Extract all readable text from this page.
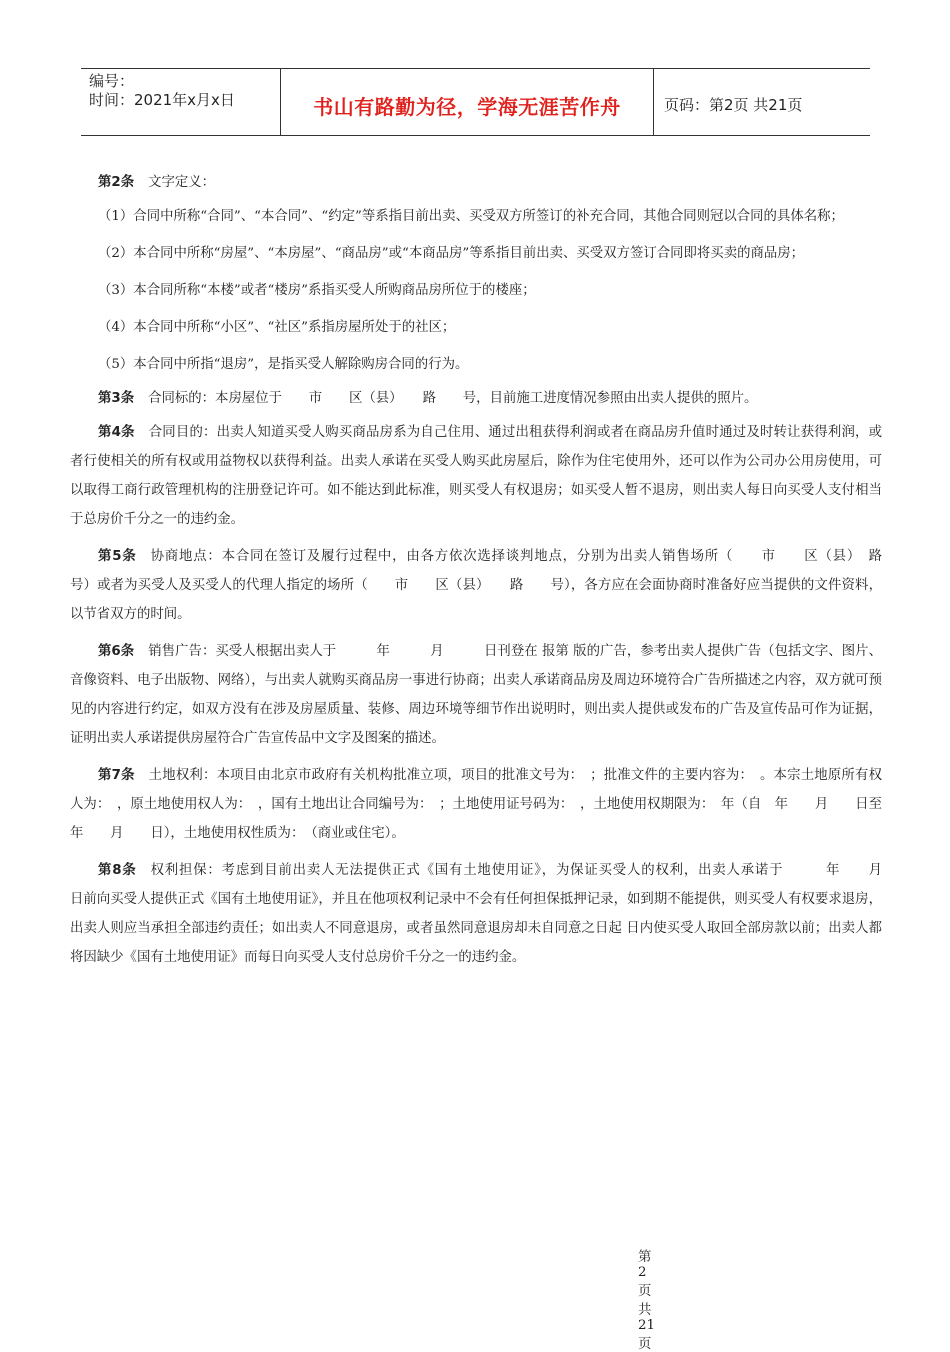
编号：
时间：2021年x月x日	书山有路勤为径，学海无涯苦作舟	页码：第2页 共21页

第2条 文字定义：

（1）合同中所称“合同”、“本合同”、“约定”等系指目前出卖、买受双方所签订的补充合同，其他合同则冠以合同的具体名称；

（2）本合同中所称“房屋”、“本房屋”、“商品房”或“本商品房”等系指目前出卖、买受双方签订合同即将买卖的商品房；

（3）本合同所称“本楼”或者“楼房”系指买受人所购商品房所位于的楼座；

（4）本合同中所称“小区”、“社区”系指房屋所处于的社区；

（5）本合同中所指“退房”，是指买受人解除购房合同的行为。

第3条 合同标的：本房屋位于　　市　　区（县）　　路　　号，目前施工进度情况参照由出卖人提供的照片。

第4条 合同目的：出卖人知道买受人购买商品房系为自己住用、通过出租获得利润或者在商品房升值时通过及时转让获得利润，或者行使相关的所有权或用益物权以获得利益。出卖人承诺在买受人购买此房屋后，除作为住宅使用外，还可以作为公司办公用房使用，可以取得工商行政管理机构的注册登记许可。如不能达到此标准，则买受人有权退房；如买受人暂不退房，则出卖人每日向买受人支付相当于总房价千分之一的违约金。

第5条 协商地点：本合同在签订及履行过程中，由各方依次选择谈判地点，分别为出卖人销售场所（　　市　　区（县）　路　　号）或者为买受人及买受人的代理人指定的场所（　　市　　区（县）　　路　　号），各方应在会面协商时准备好应当提供的文件资料，以节省双方的时间。

第6条 销售广告：买受人根据出卖人于　　　年　　　月　　　日刊登在 报第 版的广告，参考出卖人提供广告（包括文字、图片、音像资料、电子出版物、网络），与出卖人就购买商品房一事进行协商；出卖人承诺商品房及周边环境符合广告所描述之内容，双方就可预见的内容进行约定，如双方没有在涉及房屋质量、装修、周边环境等细节作出说明时，则出卖人提供或发布的广告及宣传品可作为证据，证明出卖人承诺提供房屋符合广告宣传品中文字及图案的描述。

第7条 土地权利：本项目由北京市政府有关机构批准立项，项目的批准文号为：　；批准文件的主要内容为：　。本宗土地原所有权人为：　，原土地使用权人为：　，国有土地出让合同编号为：　；土地使用证号码为：　，土地使用权期限为：　年（自　年　　月　　日至　　年　　月　　日），土地使用权性质为：　（商业或住宅）。

第8条 权利担保：考虑到目前出卖人无法提供正式《国有土地使用证》，为保证买受人的权利，出卖人承诺于　　　年　　月　　　日前向买受人提供正式《国有土地使用证》，并且在他项权利记录中不会有任何担保抵押记录，如到期不能提供，则买受人有权要求退房，出卖人则应当承担全部违约责任；如出卖人不同意退房，或者虽然同意退房却未自同意之日起 日内使买受人取回全部房款以前；出卖人都将因缺少《国有土地使用证》而每日向买受人支付总房价千分之一的违约金。

第 2 页 共 21 页
